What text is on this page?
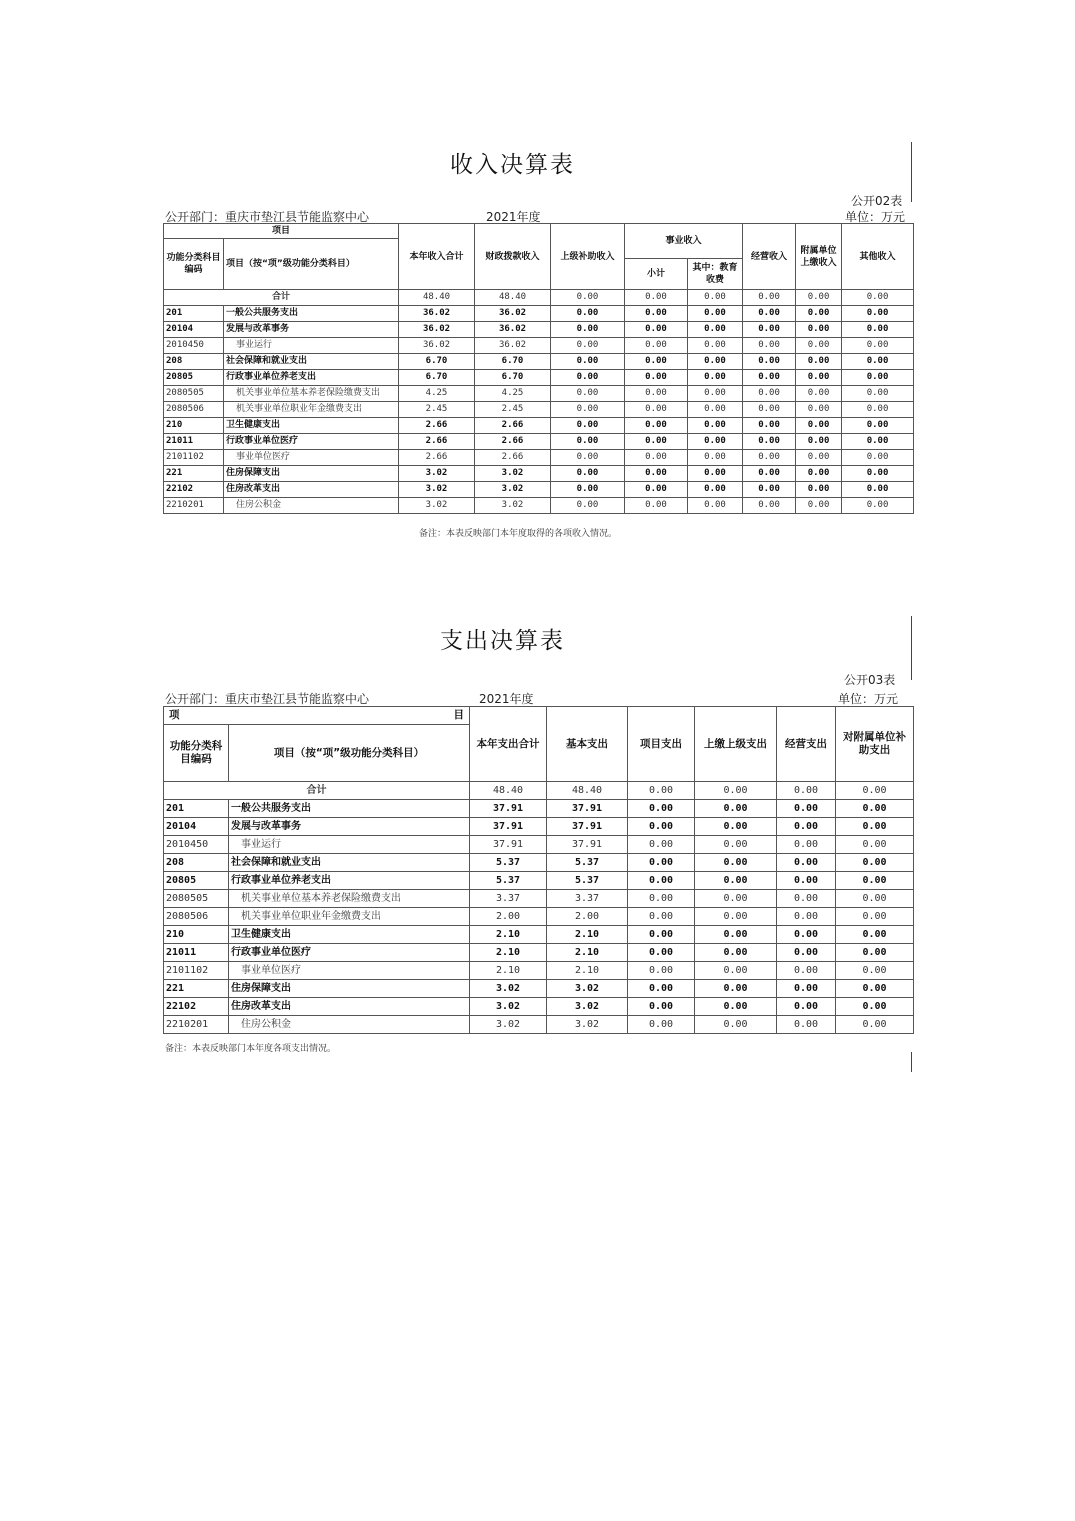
收入决算表
公开02表
公开部门：重庆市垫江县节能监察中心	2021年度	单位：万元
项目		本年收入合计	财政拨款收入	上级补助收入	事业收入		经营收入	附属单位上缴收入	其他收入
功能分类科目编码	项目（按“项”级功能分类科目）								
					小计	其中：教育收费			
合计		48.40	48.40	0.00	0.00	0.00	0.00	0.00	0.00
201	一般公共服务支出	36.02	36.02	0.00	0.00	0.00	0.00	0.00	0.00
20104	发展与改革事务	36.02	36.02	0.00	0.00	0.00	0.00	0.00	0.00
2010450	事业运行	36.02	36.02	0.00	0.00	0.00	0.00	0.00	0.00
208	社会保障和就业支出	6.70	6.70	0.00	0.00	0.00	0.00	0.00	0.00
20805	行政事业单位养老支出	6.70	6.70	0.00	0.00	0.00	0.00	0.00	0.00
2080505	机关事业单位基本养老保险缴费支出	4.25	4.25	0.00	0.00	0.00	0.00	0.00	0.00
2080506	机关事业单位职业年金缴费支出	2.45	2.45	0.00	0.00	0.00	0.00	0.00	0.00
210	卫生健康支出	2.66	2.66	0.00	0.00	0.00	0.00	0.00	0.00
21011	行政事业单位医疗	2.66	2.66	0.00	0.00	0.00	0.00	0.00	0.00
2101102	事业单位医疗	2.66	2.66	0.00	0.00	0.00	0.00	0.00	0.00
221	住房保障支出	3.02	3.02	0.00	0.00	0.00	0.00	0.00	0.00
22102	住房改革支出	3.02	3.02	0.00	0.00	0.00	0.00	0.00	0.00
2210201	住房公积金	3.02	3.02	0.00	0.00	0.00	0.00	0.00	0.00
备注：本表反映部门本年度取得的各项收入情况。
支出决算表
公开03表
公开部门：重庆市垫江县节能监察中心	2021年度	单位：万元
项 目		本年支出合计	基本支出	项目支出	上缴上级支出	经营支出	对附属单位补助支出
功能分类科目编码	项目（按“项”级功能分类科目）						
合计		48.40	48.40	0.00	0.00	0.00	0.00
201	一般公共服务支出	37.91	37.91	0.00	0.00	0.00	0.00
20104	发展与改革事务	37.91	37.91	0.00	0.00	0.00	0.00
2010450	事业运行	37.91	37.91	0.00	0.00	0.00	0.00
208	社会保障和就业支出	5.37	5.37	0.00	0.00	0.00	0.00
20805	行政事业单位养老支出	5.37	5.37	0.00	0.00	0.00	0.00
2080505	机关事业单位基本养老保险缴费支出	3.37	3.37	0.00	0.00	0.00	0.00
2080506	机关事业单位职业年金缴费支出	2.00	2.00	0.00	0.00	0.00	0.00
210	卫生健康支出	2.10	2.10	0.00	0.00	0.00	0.00
21011	行政事业单位医疗	2.10	2.10	0.00	0.00	0.00	0.00
2101102	事业单位医疗	2.10	2.10	0.00	0.00	0.00	0.00
221	住房保障支出	3.02	3.02	0.00	0.00	0.00	0.00
22102	住房改革支出	3.02	3.02	0.00	0.00	0.00	0.00
2210201	住房公积金	3.02	3.02	0.00	0.00	0.00	0.00
备注：本表反映部门本年度各项支出情况。
